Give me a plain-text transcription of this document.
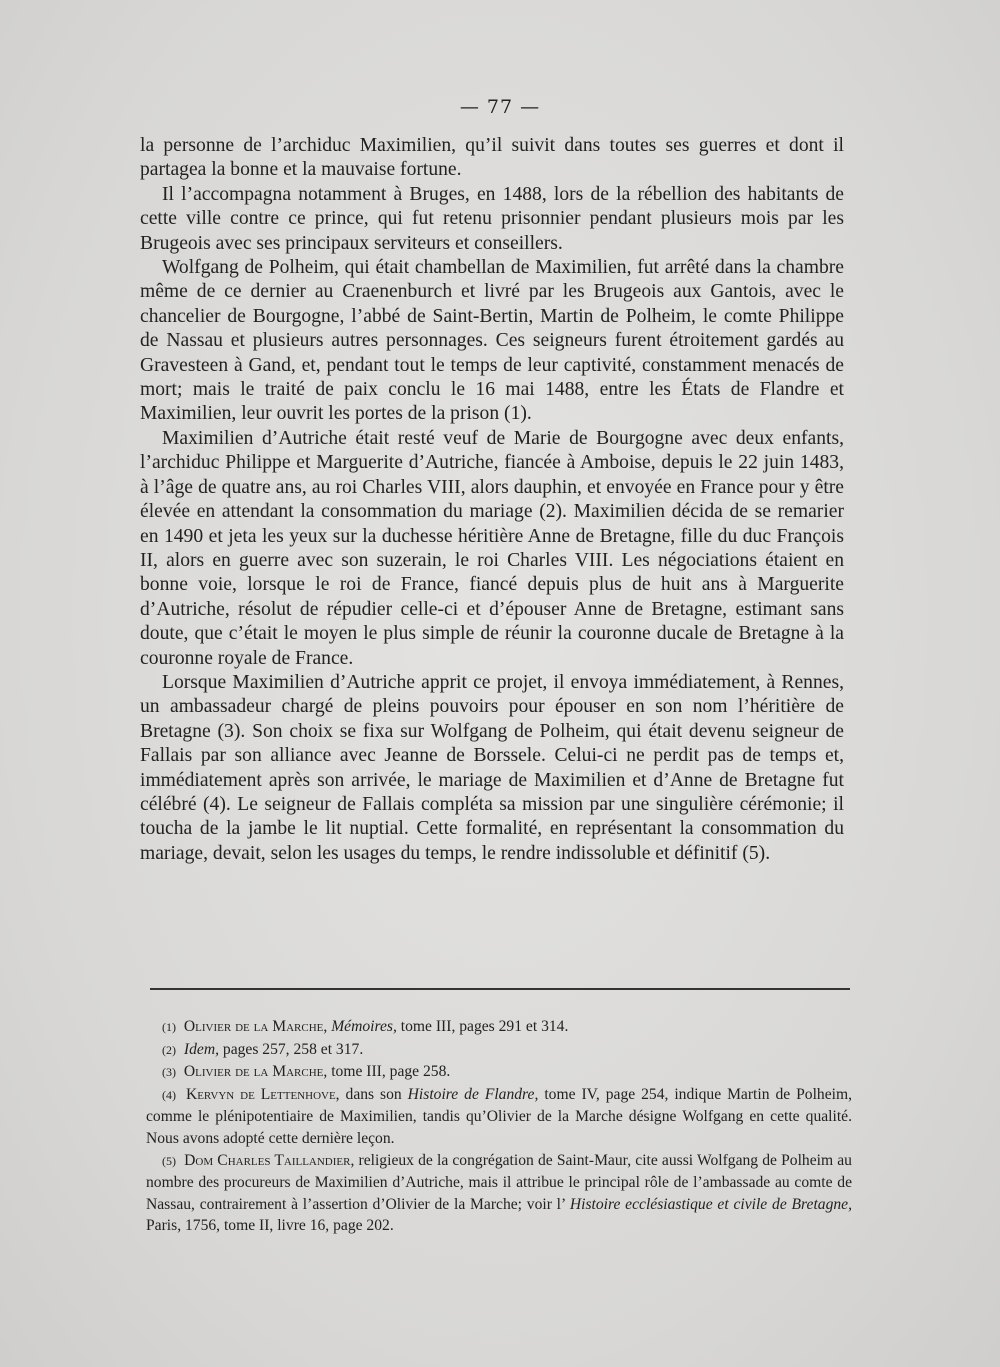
— 77 —

la personne de l’archiduc Maximilien, qu’il suivit dans toutes ses guerres et dont il partagea la bonne et la mauvaise fortune.

Il l’accompagna notamment à Bruges, en 1488, lors de la rébellion des habitants de cette ville contre ce prince, qui fut retenu prisonnier pendant plusieurs mois par les Brugeois avec ses principaux serviteurs et conseillers.

Wolfgang de Polheim, qui était chambellan de Maximilien, fut arrêté dans la chambre même de ce dernier au Craenenburch et livré par les Brugeois aux Gantois, avec le chancelier de Bourgogne, l’abbé de Saint-Bertin, Martin de Polheim, le comte Philippe de Nassau et plusieurs autres personnages. Ces seigneurs furent étroitement gardés au Gravesteen à Gand, et, pendant tout le temps de leur captivité, constamment menacés de mort; mais le traité de paix conclu le 16 mai 1488, entre les États de Flandre et Maximilien, leur ouvrit les portes de la prison (1).

Maximilien d’Autriche était resté veuf de Marie de Bourgogne avec deux enfants, l’archiduc Philippe et Marguerite d’Autriche, fiancée à Amboise, depuis le 22 juin 1483, à l’âge de quatre ans, au roi Charles VIII, alors dauphin, et envoyée en France pour y être élevée en attendant la consommation du mariage (2). Maximilien décida de se remarier en 1490 et jeta les yeux sur la duchesse héritière Anne de Bretagne, fille du duc François II, alors en guerre avec son suzerain, le roi Charles VIII. Les négociations étaient en bonne voie, lorsque le roi de France, fiancé depuis plus de huit ans à Marguerite d’Autriche, résolut de répudier celle-ci et d’épouser Anne de Bretagne, estimant sans doute, que c’était le moyen le plus simple de réunir la couronne ducale de Bretagne à la couronne royale de France.

Lorsque Maximilien d’Autriche apprit ce projet, il envoya immédiatement, à Rennes, un ambassadeur chargé de pleins pouvoirs pour épouser en son nom l’héritière de Bretagne (3). Son choix se fixa sur Wolfgang de Polheim, qui était devenu seigneur de Fallais par son alliance avec Jeanne de Borssele. Celui-ci ne perdit pas de temps et, immédiatement après son arrivée, le mariage de Maximilien et d’Anne de Bretagne fut célébré (4). Le seigneur de Fallais compléta sa mission par une singulière cérémonie; il toucha de la jambe le lit nuptial. Cette formalité, en représentant la consommation du mariage, devait, selon les usages du temps, le rendre indissoluble et définitif (5).

(1) Olivier de la Marche, Mémoires, tome III, pages 291 et 314.

(2) Idem, pages 257, 258 et 317.

(3) Olivier de la Marche, tome III, page 258.

(4) Kervyn de Lettenhove, dans son Histoire de Flandre, tome IV, page 254, indique Martin de Polheim, comme le plénipotentiaire de Maximilien, tandis qu’Olivier de la Marche désigne Wolfgang en cette qualité. Nous avons adopté cette dernière leçon.

(5) Dom Charles Taillandier, religieux de la congrégation de Saint-Maur, cite aussi Wolfgang de Polheim au nombre des procureurs de Maximilien d’Autriche, mais il attribue le principal rôle de l’ambassade au comte de Nassau, contrairement à l’assertion d’Olivier de la Marche; voir l’ Histoire ecclésiastique et civile de Bretagne, Paris, 1756, tome II, livre 16, page 202.
